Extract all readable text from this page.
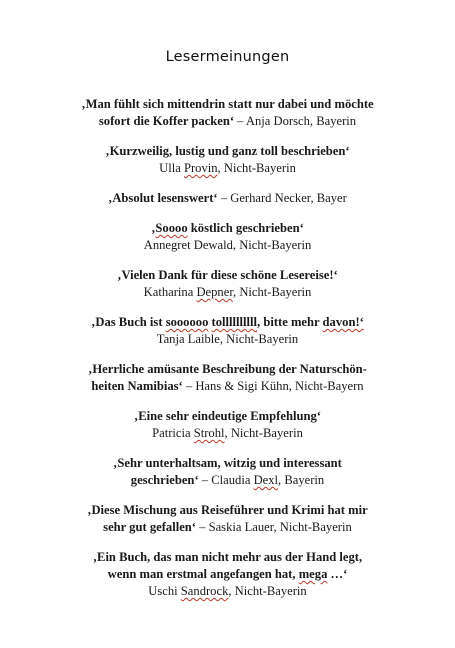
Lesermeinungen
‚Man fühlt sich mittendrin statt nur dabei und möchte
sofort die Koffer packen‘ – Anja Dorsch, Bayerin
‚Kurzweilig, lustig und ganz toll beschrieben‘
Ulla Provin, Nicht-Bayerin
‚Absolut lesenswert‘ – Gerhard Necker, Bayer
‚Soooo köstlich geschrieben‘
Annegret Dewald, Nicht-Bayerin
‚Vielen Dank für diese schöne Lesereise!‘
Katharina Depner, Nicht-Bayerin
‚Das Buch ist soooooo tollllllllll, bitte mehr davon!‘
Tanja Laible, Nicht-Bayerin
‚Herrliche amüsante Beschreibung der Naturschön-
heiten Namibias‘ – Hans & Sigi Kühn, Nicht-Bayern
‚Eine sehr eindeutige Empfehlung‘
Patricia Strohl, Nicht-Bayerin
‚Sehr unterhaltsam, witzig und interessant
geschrieben‘ – Claudia Dexl, Bayerin
‚Diese Mischung aus Reiseführer und Krimi hat mir
sehr gut gefallen‘ – Saskia Lauer, Nicht-Bayerin
‚Ein Buch, das man nicht mehr aus der Hand legt,
wenn man erstmal angefangen hat, mega …‘
Uschi Sandrock, Nicht-Bayerin
